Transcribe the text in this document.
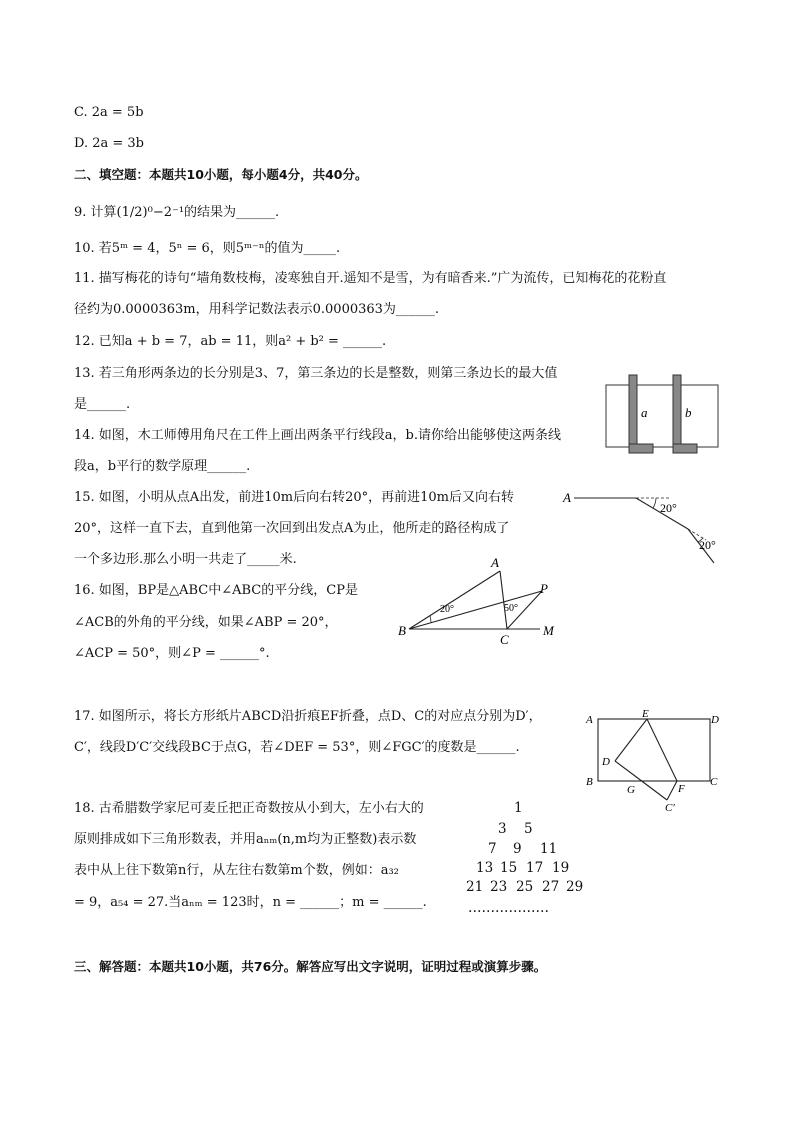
C. 2a = 5b
D. 2a = 3b
二、填空题：本题共10小题，每小题4分，共40分。
9. 计算(1/2)⁰−2⁻¹的结果为______.
10. 若5ᵐ = 4，5ⁿ = 6，则5ᵐ⁻ⁿ的值为_____.
11. 描写梅花的诗句“墙角数枝梅，凌寒独自开.遥知不是雪，为有暗香来.”广为流传，已知梅花的花粉直
径约为0.0000363m，用科学记数法表示0.0000363为______.
12. 已知a + b = 7，ab = 11，则a² + b² = ______.
13. 若三角形两条边的长分别是3、7，第三条边的长是整数，则第三条边长的最大值
是______.
14. 如图，木工师傅用角尺在工件上画出两条平行线段a，b.请你给出能够使这两条线
段a，b平行的数学原理______.
15. 如图，小明从点A出发，前进10m后向右转20°，再前进10m后又向右转
20°，这样一直下去，直到他第一次回到出发点A为止，他所走的路径构成了
一个多边形.那么小明一共走了_____米.
16. 如图，BP是△ABC中∠ABC的平分线，CP是
∠ACB的外角的平分线，如果∠ABP = 20°，
∠ACP = 50°，则∠P = ______°.
17. 如图所示，将长方形纸片ABCD沿折痕EF折叠，点D、C的对应点分别为D′，
C′，线段D′C′交线段BC于点G，若∠DEF = 53°，则∠FGC′的度数是______.
18. 古希腊数学家尼可麦丘把正奇数按从小到大，左小右大的
原则排成如下三角形数表，并用aₙₘ(n,m均为正整数)表示数
表中从上往下数第n行，从左往右数第m个数，例如：a₃₂
= 9，a₅₄ = 27.当aₙₘ = 123时，n = ______；m = ______.
三、解答题：本题共10小题，共76分。解答应写出文字说明，证明过程或演算步骤。
a	b
A
20°
20°
20°	50°
A
B
C
P
M
A	E	D
D
B
G	F
C
C′
1
3 5
7 9 11
13 15 17 19
21 23 25 27 29
………………
